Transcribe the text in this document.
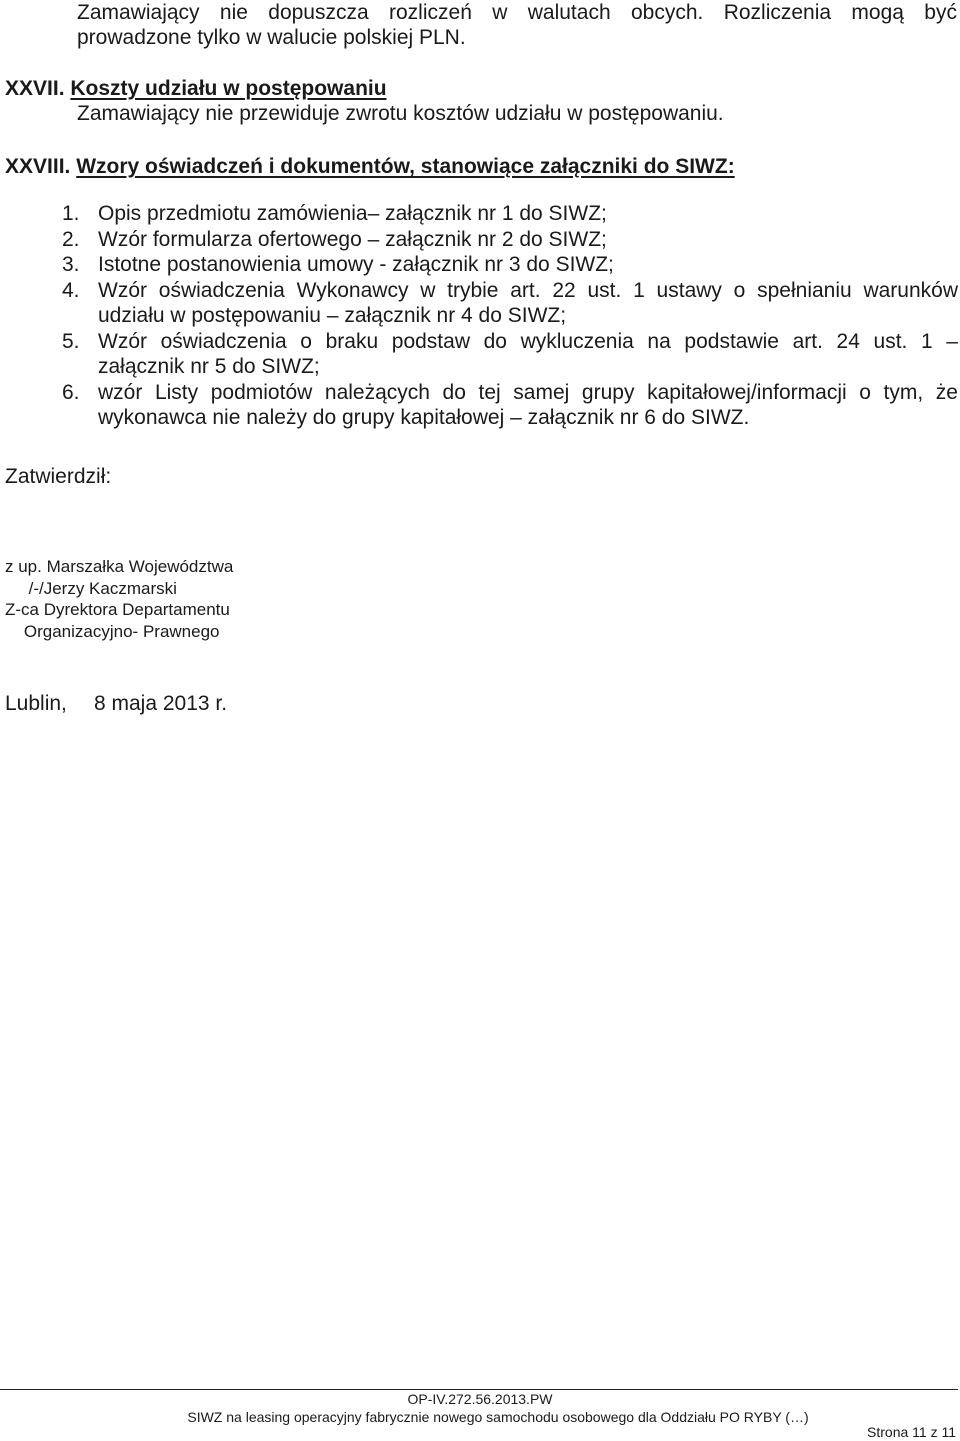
Zamawiający nie dopuszcza rozliczeń w walutach obcych. Rozliczenia mogą być
prowadzone tylko w walucie polskiej PLN.
XXVII. Koszty udziału w postępowaniu
Zamawiający nie przewiduje zwrotu kosztów udziału w postępowaniu.
XXVIII. Wzory oświadczeń i dokumentów, stanowiące załączniki do SIWZ:
1. Opis przedmiotu zamówienia– załącznik nr 1 do SIWZ;
2. Wzór formularza ofertowego – załącznik nr 2 do SIWZ;
3. Istotne postanowienia umowy - załącznik nr 3 do SIWZ;
4. Wzór oświadczenia Wykonawcy w trybie art. 22 ust. 1 ustawy o spełnianiu warunków
udziału w postępowaniu – załącznik nr 4 do SIWZ;
5. Wzór oświadczenia o braku podstaw do wykluczenia na podstawie art. 24 ust. 1 –
załącznik nr 5 do SIWZ;
6. wzór Listy podmiotów należących do tej samej grupy kapitałowej/informacji o tym, że
wykonawca nie należy do grupy kapitałowej – załącznik nr 6 do SIWZ.
Zatwierdził:
z up. Marszałka Województwa
/-/Jerzy Kaczmarski
Z-ca Dyrektora Departamentu
Organizacyjno- Prawnego
Lublin, 8 maja 2013 r.
OP-IV.272.56.2013.PW
SIWZ na leasing operacyjny fabrycznie nowego samochodu osobowego dla Oddziału PO RYBY (…)
Strona 11 z 11
